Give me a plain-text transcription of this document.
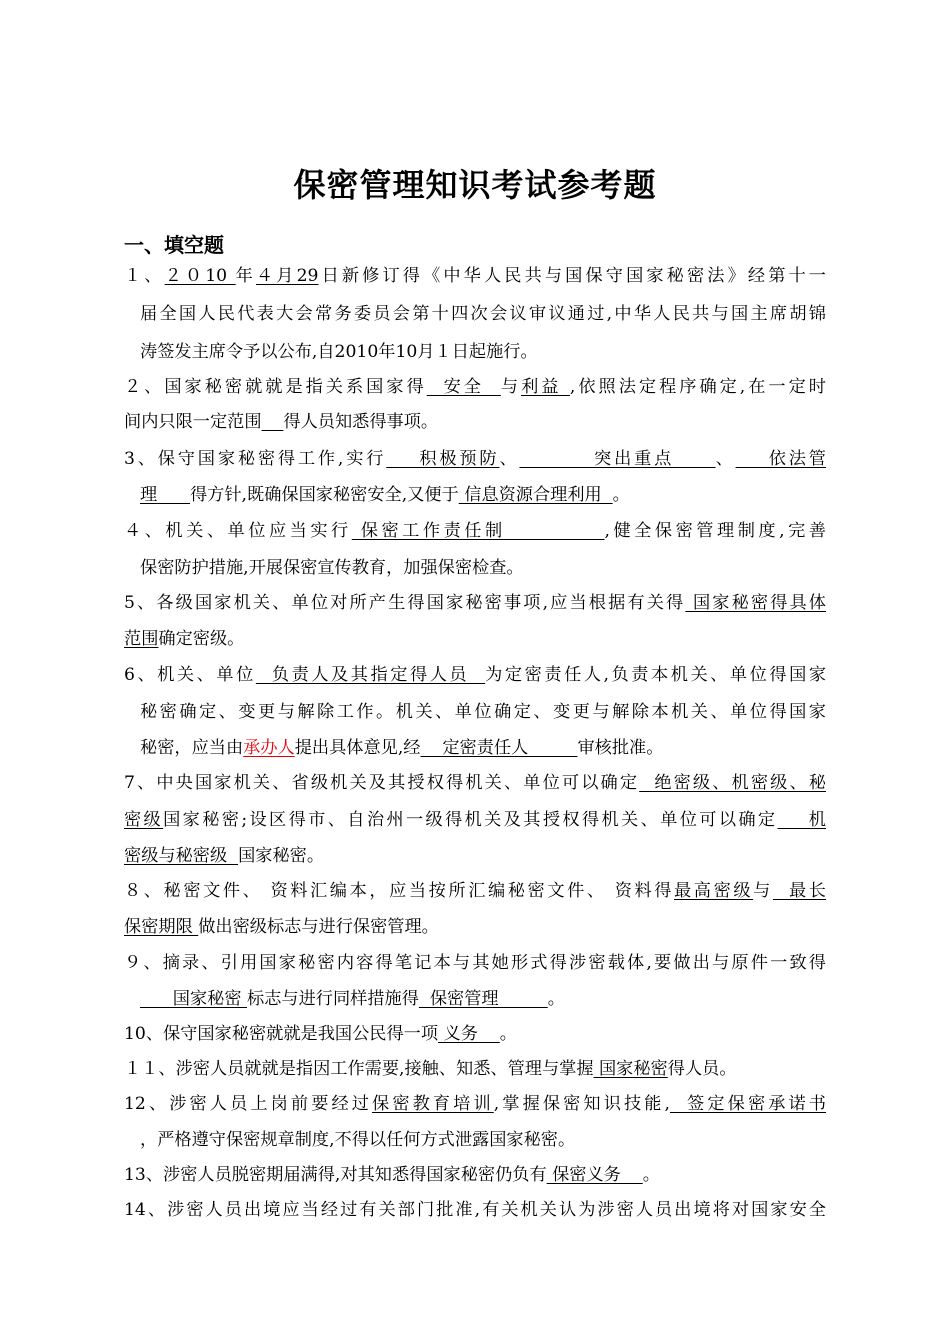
保密管理知识考试参考题
一、填空题
１、２０10 年４月29日新修订得《中华人民共与国保守国家秘密法》经第十一
届全国人民代表大会常务委员会第十四次会议审议通过,中华人民共与国主席胡锦
涛签发主席令予以公布,自2010年10月１日起施行。
２、国家秘密就就是指关系国家得  安全  与利益 ,依照法定程序确定,在一定时
间内只限一定范围 得人员知悉得事项。
3、保守国家秘密得工作,实行    积极预防、         突出重点     、    依法管
理 得方针,既确保国家秘密安全,又便于 信息资源合理利用  。
４、机关、单位应当实行 保密工作责任制           ,健全保密管理制度,完善
保密防护措施,开展保密宣传教育，加强保密检查。
5、各级国家机关、单位对所产生得国家秘密事项,应当根据有关得 国家秘密得具体
范围确定密级。
6、机关、单位  负责人及其指定得人员  为定密责任人,负责本机关、单位得国家
秘密确定、变更与解除工作。机关、单位确定、变更与解除本机关、单位得国家
秘密，应当由承办人提出具体意见,经    定密责任人         审核批准。
7、中央国家机关、省级机关及其授权得机关、单位可以确定  绝密级、机密级、秘
密级国家秘密;设区得市、自治州一级得机关及其授权得机关、单位可以确定    机
密级与秘密级  国家秘密。
８、秘密文件、 资料汇编本，应当按所汇编秘密文件、 资料得最高密级与  最长
保密期限 做出密级标志与进行保密管理。
９、摘录、引用国家秘密内容得笔记本与其她形式得涉密载体,要做出与原件一致得
国家秘密 标志与进行同样措施得  保密管理         。
10、保守国家秘密就就是我国公民得一项 义务    。
１１、涉密人员就就是指因工作需要,接触、知悉、管理与掌握 国家秘密得人员。
12、涉密人员上岗前要经过保密教育培训,掌握保密知识技能,  签定保密承诺书
，严格遵守保密规章制度,不得以任何方式泄露国家秘密。
13、涉密人员脱密期届满得,对其知悉得国家秘密仍负有 保密义务    。
14、涉密人员出境应当经过有关部门批准,有关机关认为涉密人员出境将对国家安全
